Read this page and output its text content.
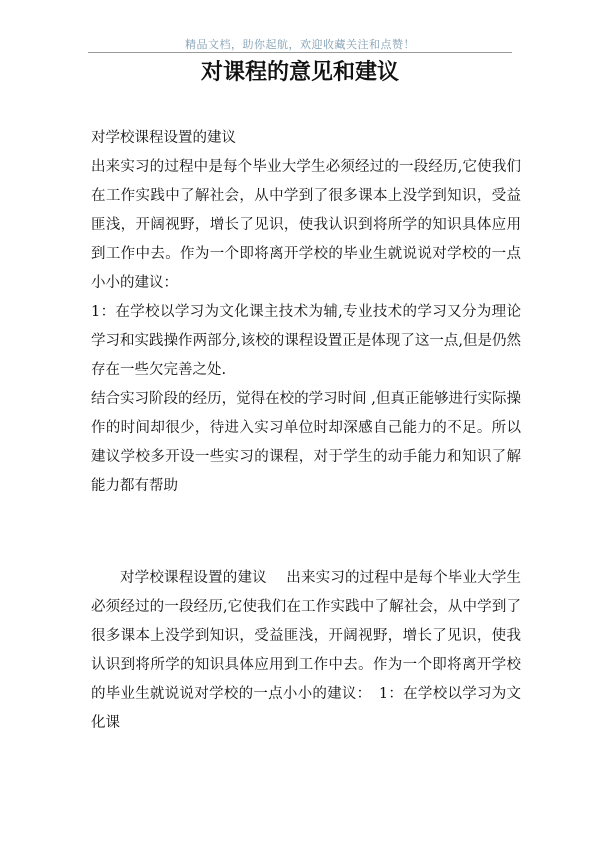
精品文档，助你起航，欢迎收藏关注和点赞！
对课程的意见和建议

对学校课程设置的建议

出来实习的过程中是每个毕业大学生必须经过的一段经历,它使我们在工作实践中了解社会，从中学到了很多课本上没学到知识，受益匪浅，开阔视野，增长了见识，使我认识到将所学的知识具体应用到工作中去。作为一个即将离开学校的毕业生就说说对学校的一点小小的建议：

1：在学校以学习为文化课主技术为辅,专业技术的学习又分为理论学习和实践操作两部分,该校的课程设置正是体现了这一点,但是仍然存在一些欠完善之处.

结合实习阶段的经历，觉得在校的学习时间 ,但真正能够进行实际操作的时间却很少，待进入实习单位时却深感自己能力的不足。所以建议学校多开设一些实习的课程，对于学生的动手能力和知识了解能力都有帮助

对学校课程设置的建议　 出来实习的过程中是每个毕业大学生必须经过的一段经历,它使我们在工作实践中了解社会，从中学到了很多课本上没学到知识，受益匪浅，开阔视野，增长了见识，使我认识到将所学的知识具体应用到工作中去。作为一个即将离开学校的毕业生就说说对学校的一点小小的建议：　1：在学校以学习为文化课
